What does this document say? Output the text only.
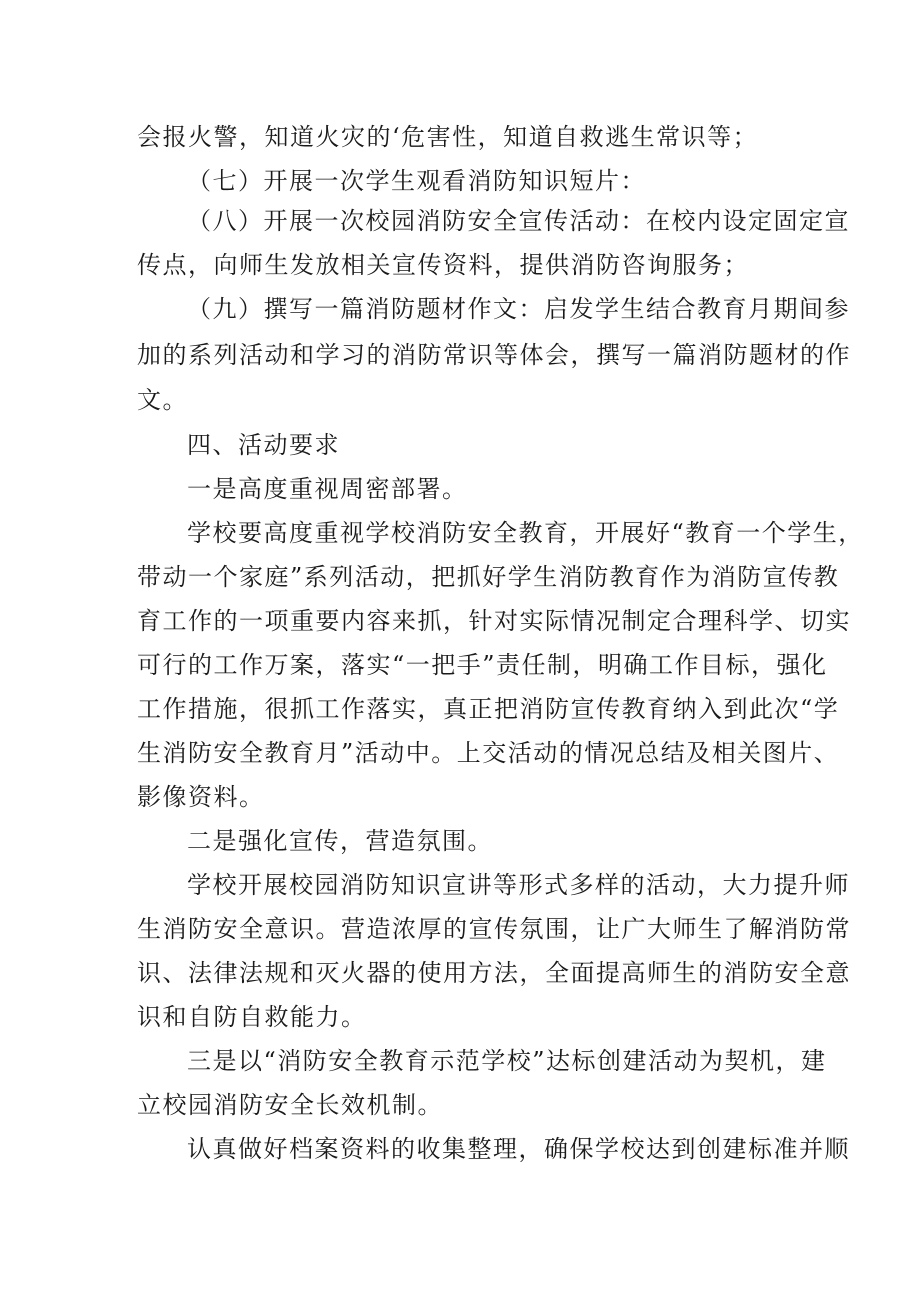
会报火警，知道火灾的‘危害性，知道自救逃生常识等；
（七）开展一次学生观看消防知识短片：
（八）开展一次校园消防安全宣传活动：在校内设定固定宣
传点，向师生发放相关宣传资料，提供消防咨询服务；
（九）撰写一篇消防题材作文：启发学生结合教育月期间参
加的系列活动和学习的消防常识等体会，撰写一篇消防题材的作
文。
四、活动要求
一是高度重视周密部署。
学校要高度重视学校消防安全教育，开展好“教育一个学生，
带动一个家庭”系列活动，把抓好学生消防教育作为消防宣传教
育工作的一项重要内容来抓，针对实际情况制定合理科学、切实
可行的工作万案，落实“一把手”责任制，明确工作目标，强化
工作措施，很抓工作落实，真正把消防宣传教育纳入到此次“学
生消防安全教育月”活动中。上交活动的情况总结及相关图片、
影像资料。
二是强化宣传，营造氛围。
学校开展校园消防知识宣讲等形式多样的活动，大力提升师
生消防安全意识。营造浓厚的宣传氛围，让广大师生了解消防常
识、法律法规和灭火器的使用方法，全面提高师生的消防安全意
识和自防自救能力。
三是以“消防安全教育示范学校”达标创建活动为契机，建
立校园消防安全长效机制。
认真做好档案资料的收集整理，确保学校达到创建标准并顺
